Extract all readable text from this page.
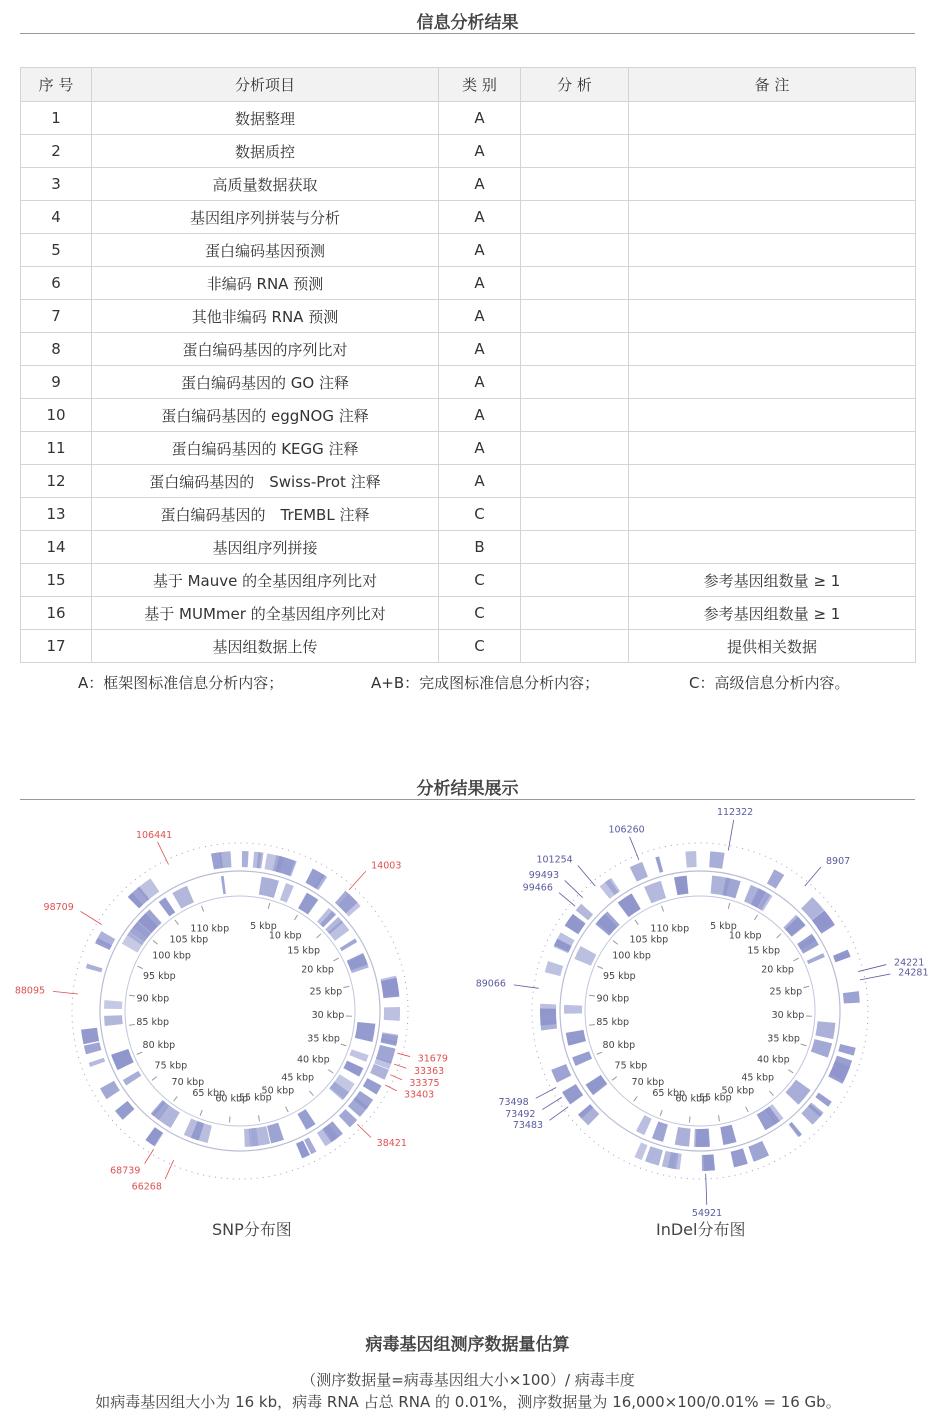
信息分析结果
序 号	分析项目	类 别	分 析	备 注
1	数据整理	A		
2	数据质控	A		
3	高质量数据获取	A		
4	基因组序列拼装与分析	A		
5	蛋白编码基因预测	A		
6	非编码 RNA 预测	A		
7	其他非编码 RNA 预测	A		
8	蛋白编码基因的序列比对	A		
9	蛋白编码基因的 GO 注释	A		
10	蛋白编码基因的 eggNOG 注释	A		
11	蛋白编码基因的 KEGG 注释	A		
12	蛋白编码基因的　Swiss-Prot 注释	A		
13	蛋白编码基因的　TrEMBL 注释	C		
14	基因组序列拼接	B		
15	基于 Mauve 的全基因组序列比对	C		参考基因组数量 ≥ 1
16	基于 MUMmer 的全基因组序列比对	C		参考基因组数量 ≥ 1
17	基因组数据上传	C		提供相关数据
A：框架图标准信息分析内容；	A+B：完成图标准信息分析内容；	C：高级信息分析内容。
分析结果展示
5 kbp
10 kbp
15 kbp
20 kbp
25 kbp
30 kbp
35 kbp
40 kbp
45 kbp
50 kbp
55 kbp
60 kbp
65 kbp
70 kbp
75 kbp
80 kbp
85 kbp
90 kbp
95 kbp
100 kbp
105 kbp
110 kbp
106441
14003
98709
88095
31679
33363
33375
33403
38421
68739
66268
5 kbp
10 kbp
15 kbp
20 kbp
25 kbp
30 kbp
35 kbp
40 kbp
45 kbp
50 kbp
55 kbp
60 kbp
65 kbp
70 kbp
75 kbp
80 kbp
85 kbp
90 kbp
95 kbp
100 kbp
105 kbp
110 kbp
112322
106260
101254
99493
99466
8907
89066
24221
24281
73498
73492
73483
54921
SNP分布图	InDel分布图
病毒基因组测序数据量估算
（测序数据量=病毒基因组大小×100）/ 病毒丰度
如病毒基因组大小为 16 kb，病毒 RNA 占总 RNA 的 0.01%，测序数据量为 16,000×100/0.01% = 16 Gb。
